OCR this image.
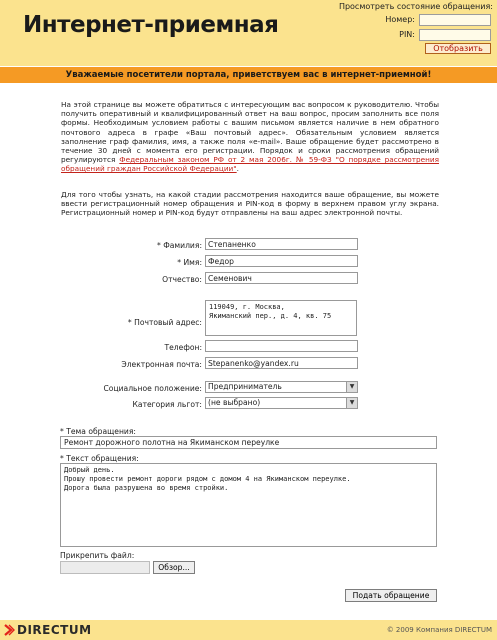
Интернет-приемная
Просмотреть состояние обращения:
Номер:
PIN:
Отобразить
Уважаемые посетители портала, приветствуем вас в интернет-приемной!

На этой странице вы можете обратиться с интересующим вас вопросом к руководителю. Чтобы получить оперативный и квалифицированный ответ на ваш вопрос, просим заполнить все поля формы. Необходимым условием работы с вашим письмом является наличие в нем обратного почтового адреса в графе «Ваш почтовый адрес». Обязательным условием является заполнение граф фамилия, имя, а также поля «e-mail». Ваше обращение будет рассмотрено в течение 30 дней с момента его регистрации. Порядок и сроки рассмотрения обращений регулируются Федеральным законом РФ от 2 мая 2006г. № 59-ФЗ "О порядке рассмотрения обращений граждан Российской Федерации".

Для того чтобы узнать, на какой стадии рассмотрения находится ваше обращение, вы можете ввести регистрационный номер обращения и PIN-код в форму в верхнем правом углу экрана. Регистрационный номер и PIN-код будут отправлены на ваш адрес электронной почты.

* Фамилия: Степаненко
* Имя: Федор
Отчество: Семенович
* Почтовый адрес:
119049, г. Москва,
Якиманский пер., д. 4, кв. 75
Телефон:
Электронная почта: Stepanenko@yandex.ru
Социальное положение: Предприниматель	▼
Категория льгот: (не выбрано)	▼
* Тема обращения:
Ремонт дорожного полотна на Якиманском переулке
* Текст обращения:
Добрый день.
Прошу провести ремонт дороги рядом с домом 4 на Якиманском переулке.
Дорога была разрушена во время стройки.
Прикрепить файл:
Обзор...
Подать обращение
DIRECTUM	© 2009 Компания DIRECTUM
